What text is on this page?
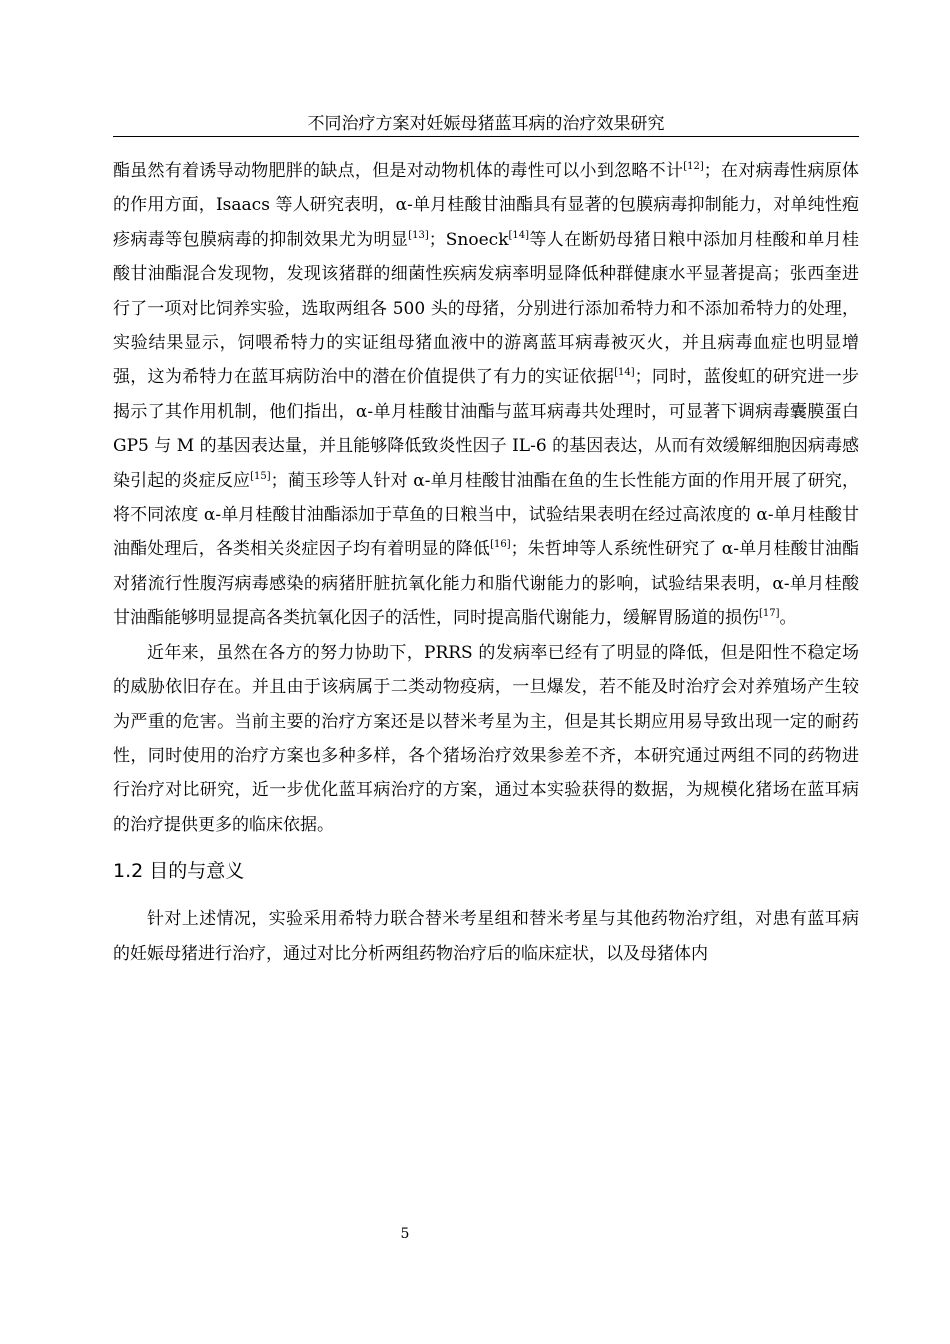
不同治疗方案对妊娠母猪蓝耳病的治疗效果研究

酯虽然有着诱导动物肥胖的缺点，但是对动物机体的毒性可以小到忽略不计[12]；在对病毒性病原体的作用方面，Isaacs 等人研究表明，α-单月桂酸甘油酯具有显著的包膜病毒抑制能力，对单纯性疱疹病毒等包膜病毒的抑制效果尤为明显[13]；Snoeck[14]等人在断奶母猪日粮中添加月桂酸和单月桂酸甘油酯混合发现物，发现该猪群的细菌性疾病发病率明显降低种群健康水平显著提高；张西奎进行了一项对比饲养实验，选取两组各 500 头的母猪，分别进行添加希特力和不添加希特力的处理，实验结果显示，饲喂希特力的实证组母猪血液中的游离蓝耳病毒被灭火，并且病毒血症也明显增强，这为希特力在蓝耳病防治中的潜在价值提供了有力的实证依据[14]；同时，蓝俊虹的研究进一步揭示了其作用机制，他们指出，α-单月桂酸甘油酯与蓝耳病毒共处理时，可显著下调病毒囊膜蛋白 GP5 与 M 的基因表达量，并且能够降低致炎性因子 IL-6 的基因表达，从而有效缓解细胞因病毒感染引起的炎症反应[15]；蔺玉珍等人针对 α-单月桂酸甘油酯在鱼的生长性能方面的作用开展了研究，将不同浓度 α-单月桂酸甘油酯添加于草鱼的日粮当中，试验结果表明在经过高浓度的 α-单月桂酸甘油酯处理后，各类相关炎症因子均有着明显的降低[16]；朱哲坤等人系统性研究了 α-单月桂酸甘油酯对猪流行性腹泻病毒感染的病猪肝脏抗氧化能力和脂代谢能力的影响，试验结果表明，α-单月桂酸甘油酯能够明显提高各类抗氧化因子的活性，同时提高脂代谢能力，缓解胃肠道的损伤[17]。

近年来，虽然在各方的努力协助下，PRRS 的发病率已经有了明显的降低，但是阳性不稳定场的威胁依旧存在。并且由于该病属于二类动物疫病，一旦爆发，若不能及时治疗会对养殖场产生较为严重的危害。当前主要的治疗方案还是以替米考星为主，但是其长期应用易导致出现一定的耐药性，同时使用的治疗方案也多种多样，各个猪场治疗效果参差不齐，本研究通过两组不同的药物进行治疗对比研究，近一步优化蓝耳病治疗的方案，通过本实验获得的数据，为规模化猪场在蓝耳病的治疗提供更多的临床依据。

1.2 目的与意义

针对上述情况，实验采用希特力联合替米考星组和替米考星与其他药物治疗组，对患有蓝耳病的妊娠母猪进行治疗，通过对比分析两组药物治疗后的临床症状，以及母猪体内

5
